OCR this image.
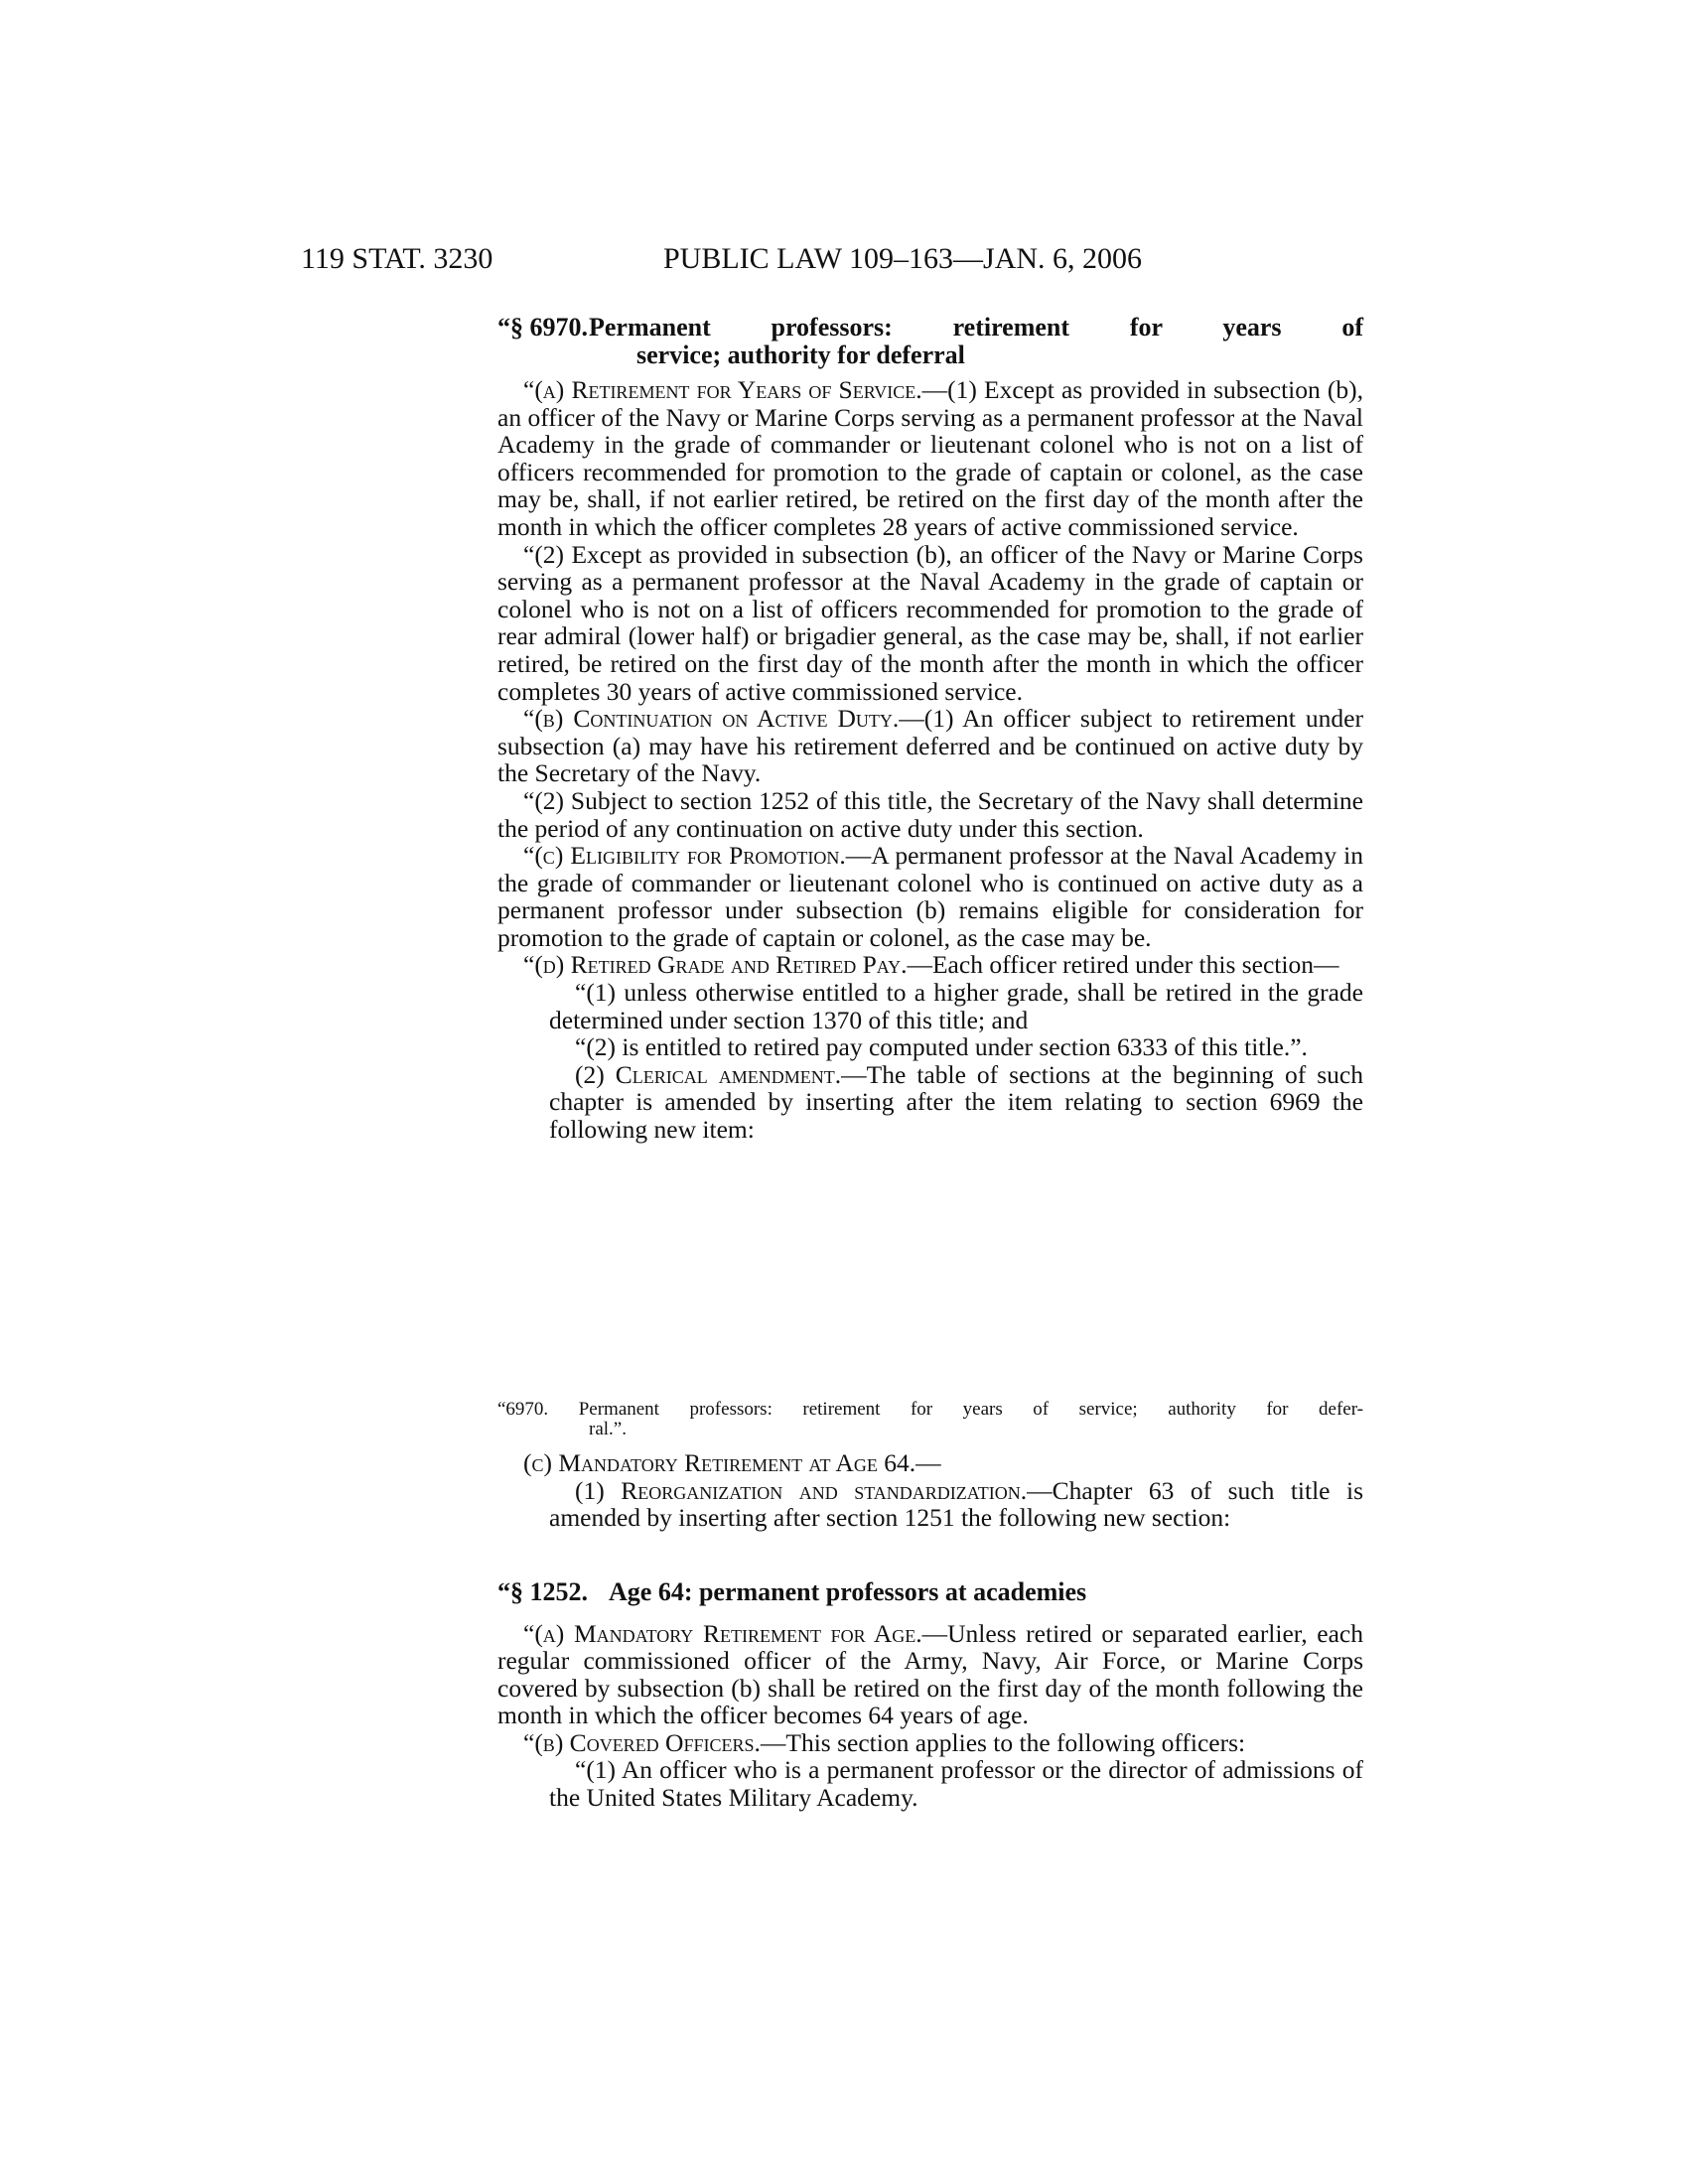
119 STAT. 3230	PUBLIC LAW 109–163—JAN. 6, 2006

“§ 6970.Permanent professors: retirement for years of
service; authority for deferral

“(a) Retirement for Years of Service.—(1) Except as provided in subsection (b), an officer of the Navy or Marine Corps serving as a permanent professor at the Naval Academy in the grade of commander or lieutenant colonel who is not on a list of officers recommended for promotion to the grade of captain or colonel, as the case may be, shall, if not earlier retired, be retired on the first day of the month after the month in which the officer completes 28 years of active commissioned service.

“(2) Except as provided in subsection (b), an officer of the Navy or Marine Corps serving as a permanent professor at the Naval Academy in the grade of captain or colonel who is not on a list of officers recommended for promotion to the grade of rear admiral (lower half) or brigadier general, as the case may be, shall, if not earlier retired, be retired on the first day of the month after the month in which the officer completes 30 years of active commissioned service.

“(b) Continuation on Active Duty.—(1) An officer subject to retirement under subsection (a) may have his retirement deferred and be continued on active duty by the Secretary of the Navy.

“(2) Subject to section 1252 of this title, the Secretary of the Navy shall determine the period of any continuation on active duty under this section.

“(c) Eligibility for Promotion.—A permanent professor at the Naval Academy in the grade of commander or lieutenant colonel who is continued on active duty as a permanent professor under subsection (b) remains eligible for consideration for promotion to the grade of captain or colonel, as the case may be.

“(d) Retired Grade and Retired Pay.—Each officer retired under this section—

“(1) unless otherwise entitled to a higher grade, shall be retired in the grade determined under section 1370 of this title; and

“(2) is entitled to retired pay computed under section 6333 of this title.”.

(2) Clerical amendment.—The table of sections at the beginning of such chapter is amended by inserting after the item relating to section 6969 the following new item:

“6970. Permanent professors: retirement for years of service; authority for defer-
ral.”.

(c) Mandatory Retirement at Age 64.—

(1) Reorganization and standardization.—Chapter 63 of such title is amended by inserting after section 1251 the following new section:

“§ 1252. Age 64: permanent professors at academies

“(a) Mandatory Retirement for Age.—Unless retired or separated earlier, each regular commissioned officer of the Army, Navy, Air Force, or Marine Corps covered by subsection (b) shall be retired on the first day of the month following the month in which the officer becomes 64 years of age.

“(b) Covered Officers.—This section applies to the following officers:

“(1) An officer who is a permanent professor or the director of admissions of the United States Military Academy.
